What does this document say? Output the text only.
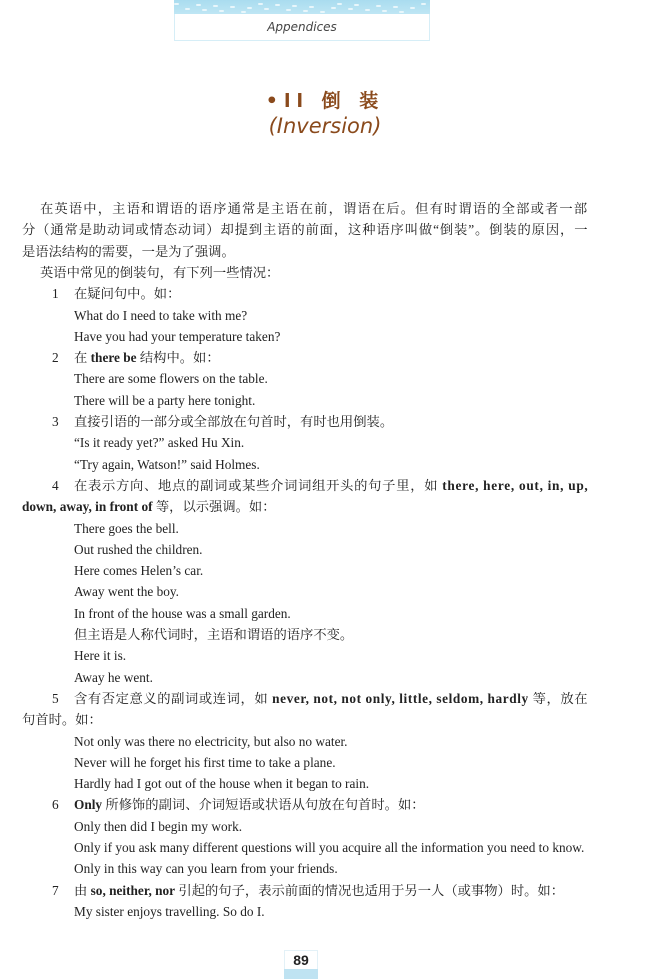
Appendices
•ll 倒 装
(Inversion)
在英语中，主语和谓语的语序通常是主语在前，谓语在后。但有时谓语的全部或者一部
分（通常是助动词或情态动词）却提到主语的前面，这种语序叫做“倒装”。倒装的原因，一
是语法结构的需要，一是为了强调。
英语中常见的倒装句，有下列一些情况：
1 在疑问句中。如：
What do I need to take with me?
Have you had your temperature taken?
2 在 there be 结构中。如：
There are some flowers on the table.
There will be a party here tonight.
3 直接引语的一部分或全部放在句首时，有时也用倒装。
“Is it ready yet?” asked Hu Xin.
“Try again, Watson!” said Holmes.
4 在表示方向、地点的副词或某些介词词组开头的句子里，如 there, here, out, in, up,
down, away, in front of 等，以示强调。如：
There goes the bell.
Out rushed the children.
Here comes Helen’s car.
Away went the boy.
In front of the house was a small garden.
但主语是人称代词时，主语和谓语的语序不变。
Here it is.
Away he went.
5 含有否定意义的副词或连词，如 never, not, not only, little, seldom, hardly 等，放在
句首时。如：
Not only was there no electricity, but also no water.
Never will he forget his first time to take a plane.
Hardly had I got out of the house when it began to rain.
6 Only 所修饰的副词、介词短语或状语从句放在句首时。如：
Only then did I begin my work.
Only if you ask many different questions will you acquire all the information you need to know.
Only in this way can you learn from your friends.
7 由 so, neither, nor 引起的句子，表示前面的情况也适用于另一人（或事物）时。如：
My sister enjoys travelling. So do I.
89
